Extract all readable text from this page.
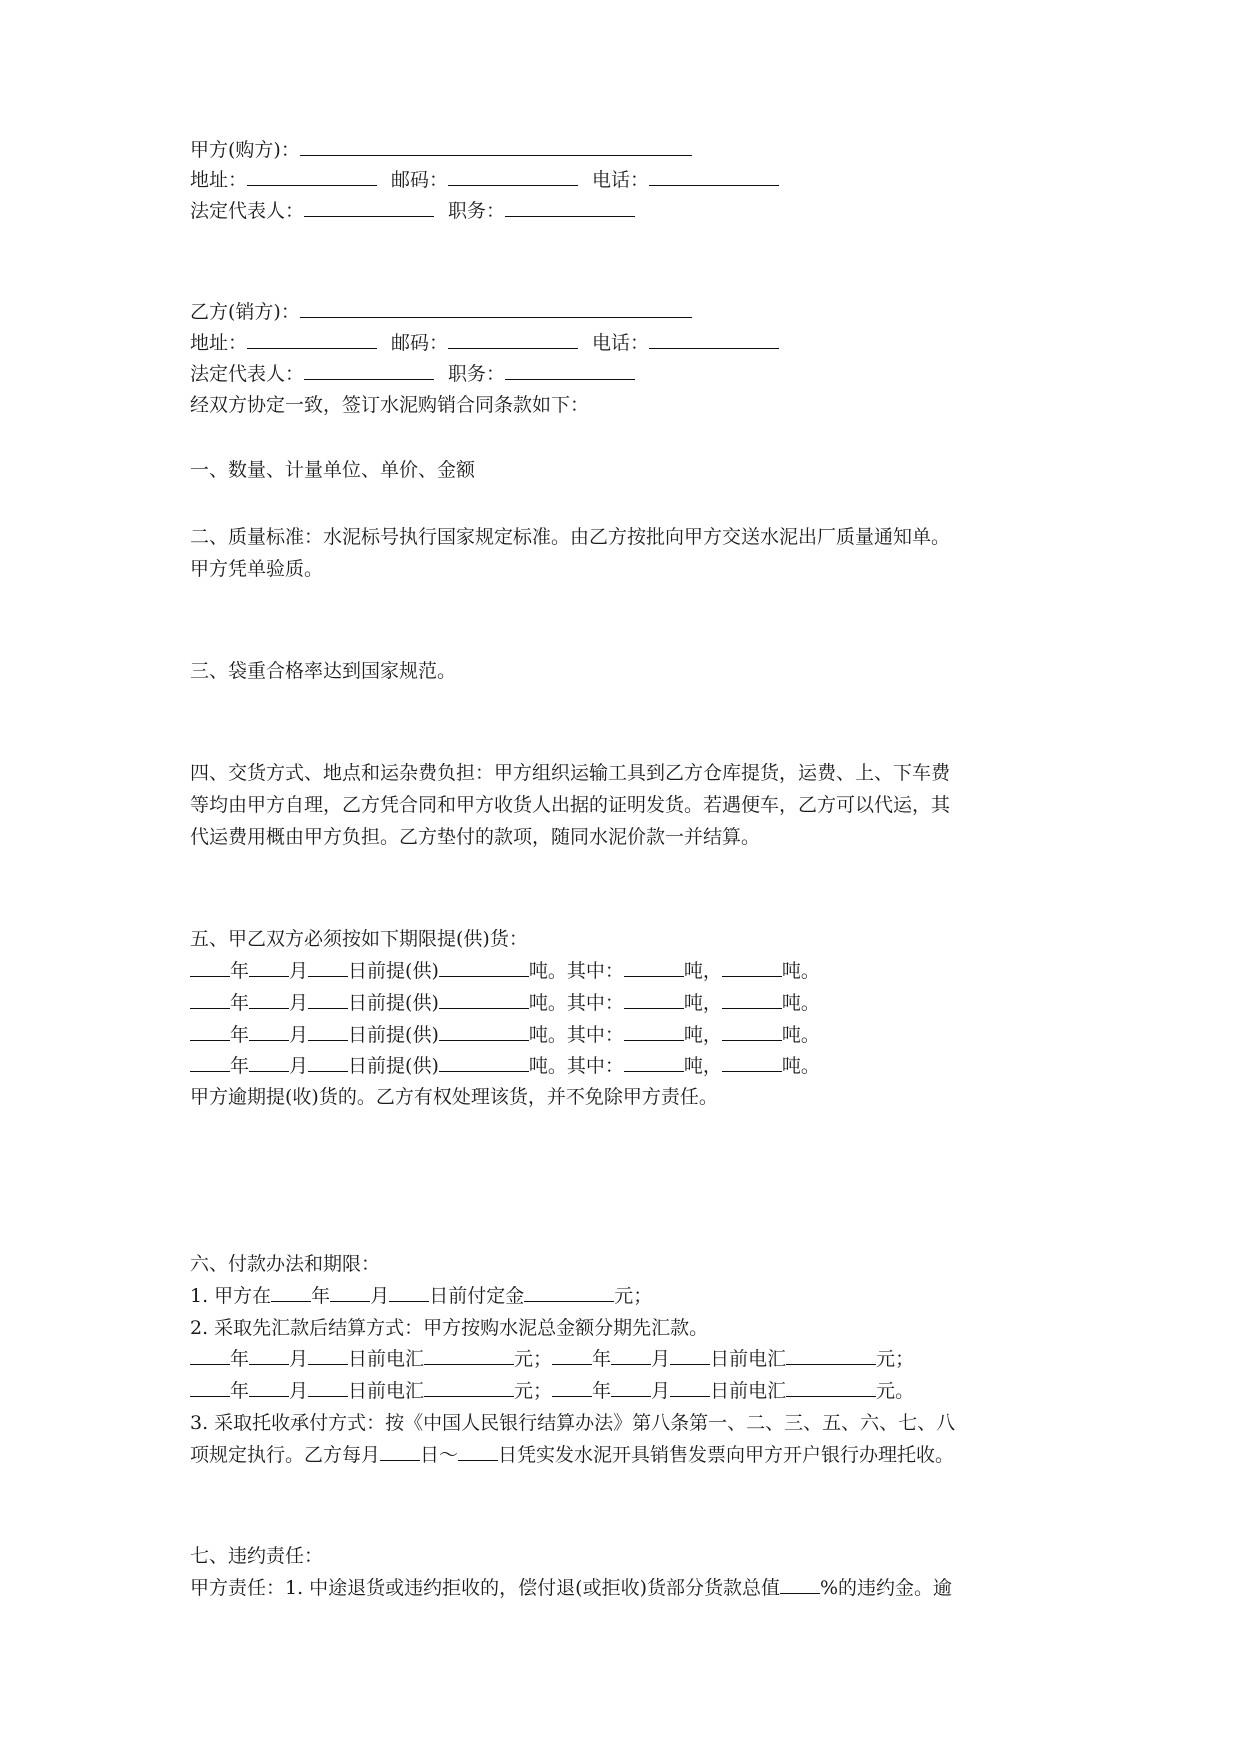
甲方(购方)：
地址：	邮码：	电话：
法定代表人：	职务：
乙方(销方)：
地址：	邮码：	电话：
法定代表人：	职务：
经双方协定一致，签订水泥购销合同条款如下：
一、数量、计量单位、单价、金额
二、质量标准：水泥标号执行国家规定标准。由乙方按批向甲方交送水泥出厂质量通知单。
甲方凭单验质。
三、袋重合格率达到国家规范。
四、交货方式、地点和运杂费负担：甲方组织运输工具到乙方仓库提货，运费、上、下车费
等均由甲方自理，乙方凭合同和甲方收货人出据的证明发货。若遇便车，乙方可以代运，其
代运费用概由甲方负担。乙方垫付的款项，随同水泥价款一并结算。
五、甲乙双方必须按如下期限提(供)货：
年 月 日前提(供)	吨。其中：	吨，	吨。
年 月 日前提(供)	吨。其中：	吨，	吨。
年 月 日前提(供)	吨。其中：	吨，	吨。
年 月 日前提(供)	吨。其中：	吨，	吨。
甲方逾期提(收)货的。乙方有权处理该货，并不免除甲方责任。
六、付款办法和期限：
1. 甲方在 年 月 日前付定金	元；
2. 采取先汇款后结算方式：甲方按购水泥总金额分期先汇款。
年 月 日前电汇	元； 年 月 日前电汇	元；
年 月 日前电汇	元； 年 月 日前电汇	元。
3. 采取托收承付方式：按《中国人民银行结算办法》第八条第一、二、三、五、六、七、八
项规定执行。乙方每月 日～ 日凭实发水泥开具销售发票向甲方开户银行办理托收。
七、违约责任：
甲方责任：1. 中途退货或违约拒收的，偿付退(或拒收)货部分货款总值 %的违约金。逾
